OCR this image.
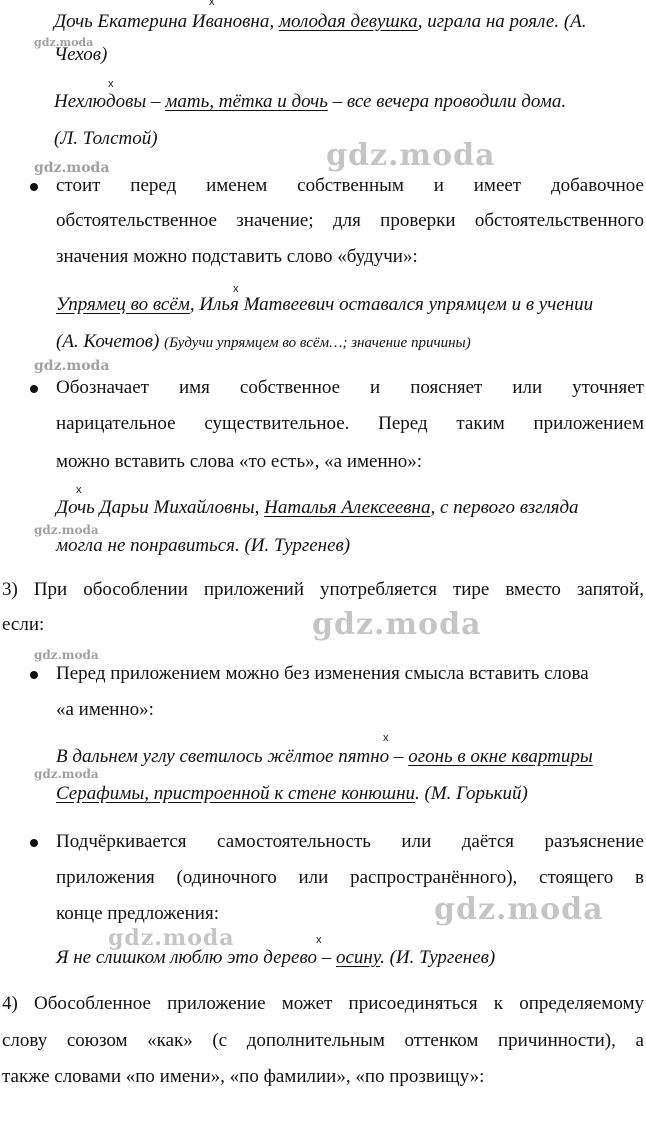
gdz.moda
gdz.moda	gdz.moda
gdz.moda
gdz.moda
gdz.moda
gdz.moda
gdz.moda
gdz.moda
gdz.moda
x
x
x
x
x
x
Дочь Екатерина Ивановна, молодая девушка, играла на рояле. (А.
Чехов)
Нехлюдовы – мать, тётка и дочь – все вечера проводили дома.
(Л. Толстой)
стоит перед именем собственным и имеет добавочное
обстоятельственное значение; для проверки обстоятельственного
значения можно подставить слово «будучи»:
Упрямец во всём, Илья Матвеевич оставался упрямцем и в учении
(А. Кочетов) (Будучи упрямцем во всём…; значение причины)
Обозначает имя собственное и поясняет или уточняет
нарицательное существительное. Перед таким приложением
можно вставить слова «то есть», «а именно»:
Дочь Дарьи Михайловны, Наталья Алексеевна, с первого взгляда
могла не понравиться. (И. Тургенев)
3) При обособлении приложений употребляется тире вместо запятой,
если:
Перед приложением можно без изменения смысла вставить слова
«а именно»:
В дальнем углу светилось жёлтое пятно – огонь в окне квартиры
Серафимы, пристроенной к стене конюшни. (М. Горький)
Подчёркивается самостоятельность или даётся разъяснение
приложения (одиночного или распространённого), стоящего в
конце предложения:
Я не слишком люблю это дерево – осину. (И. Тургенев)
4) Обособленное приложение может присоединяться к определяемому
слову союзом «как» (с дополнительным оттенком причинности), а
также словами «по имени», «по фамилии», «по прозвищу»:
